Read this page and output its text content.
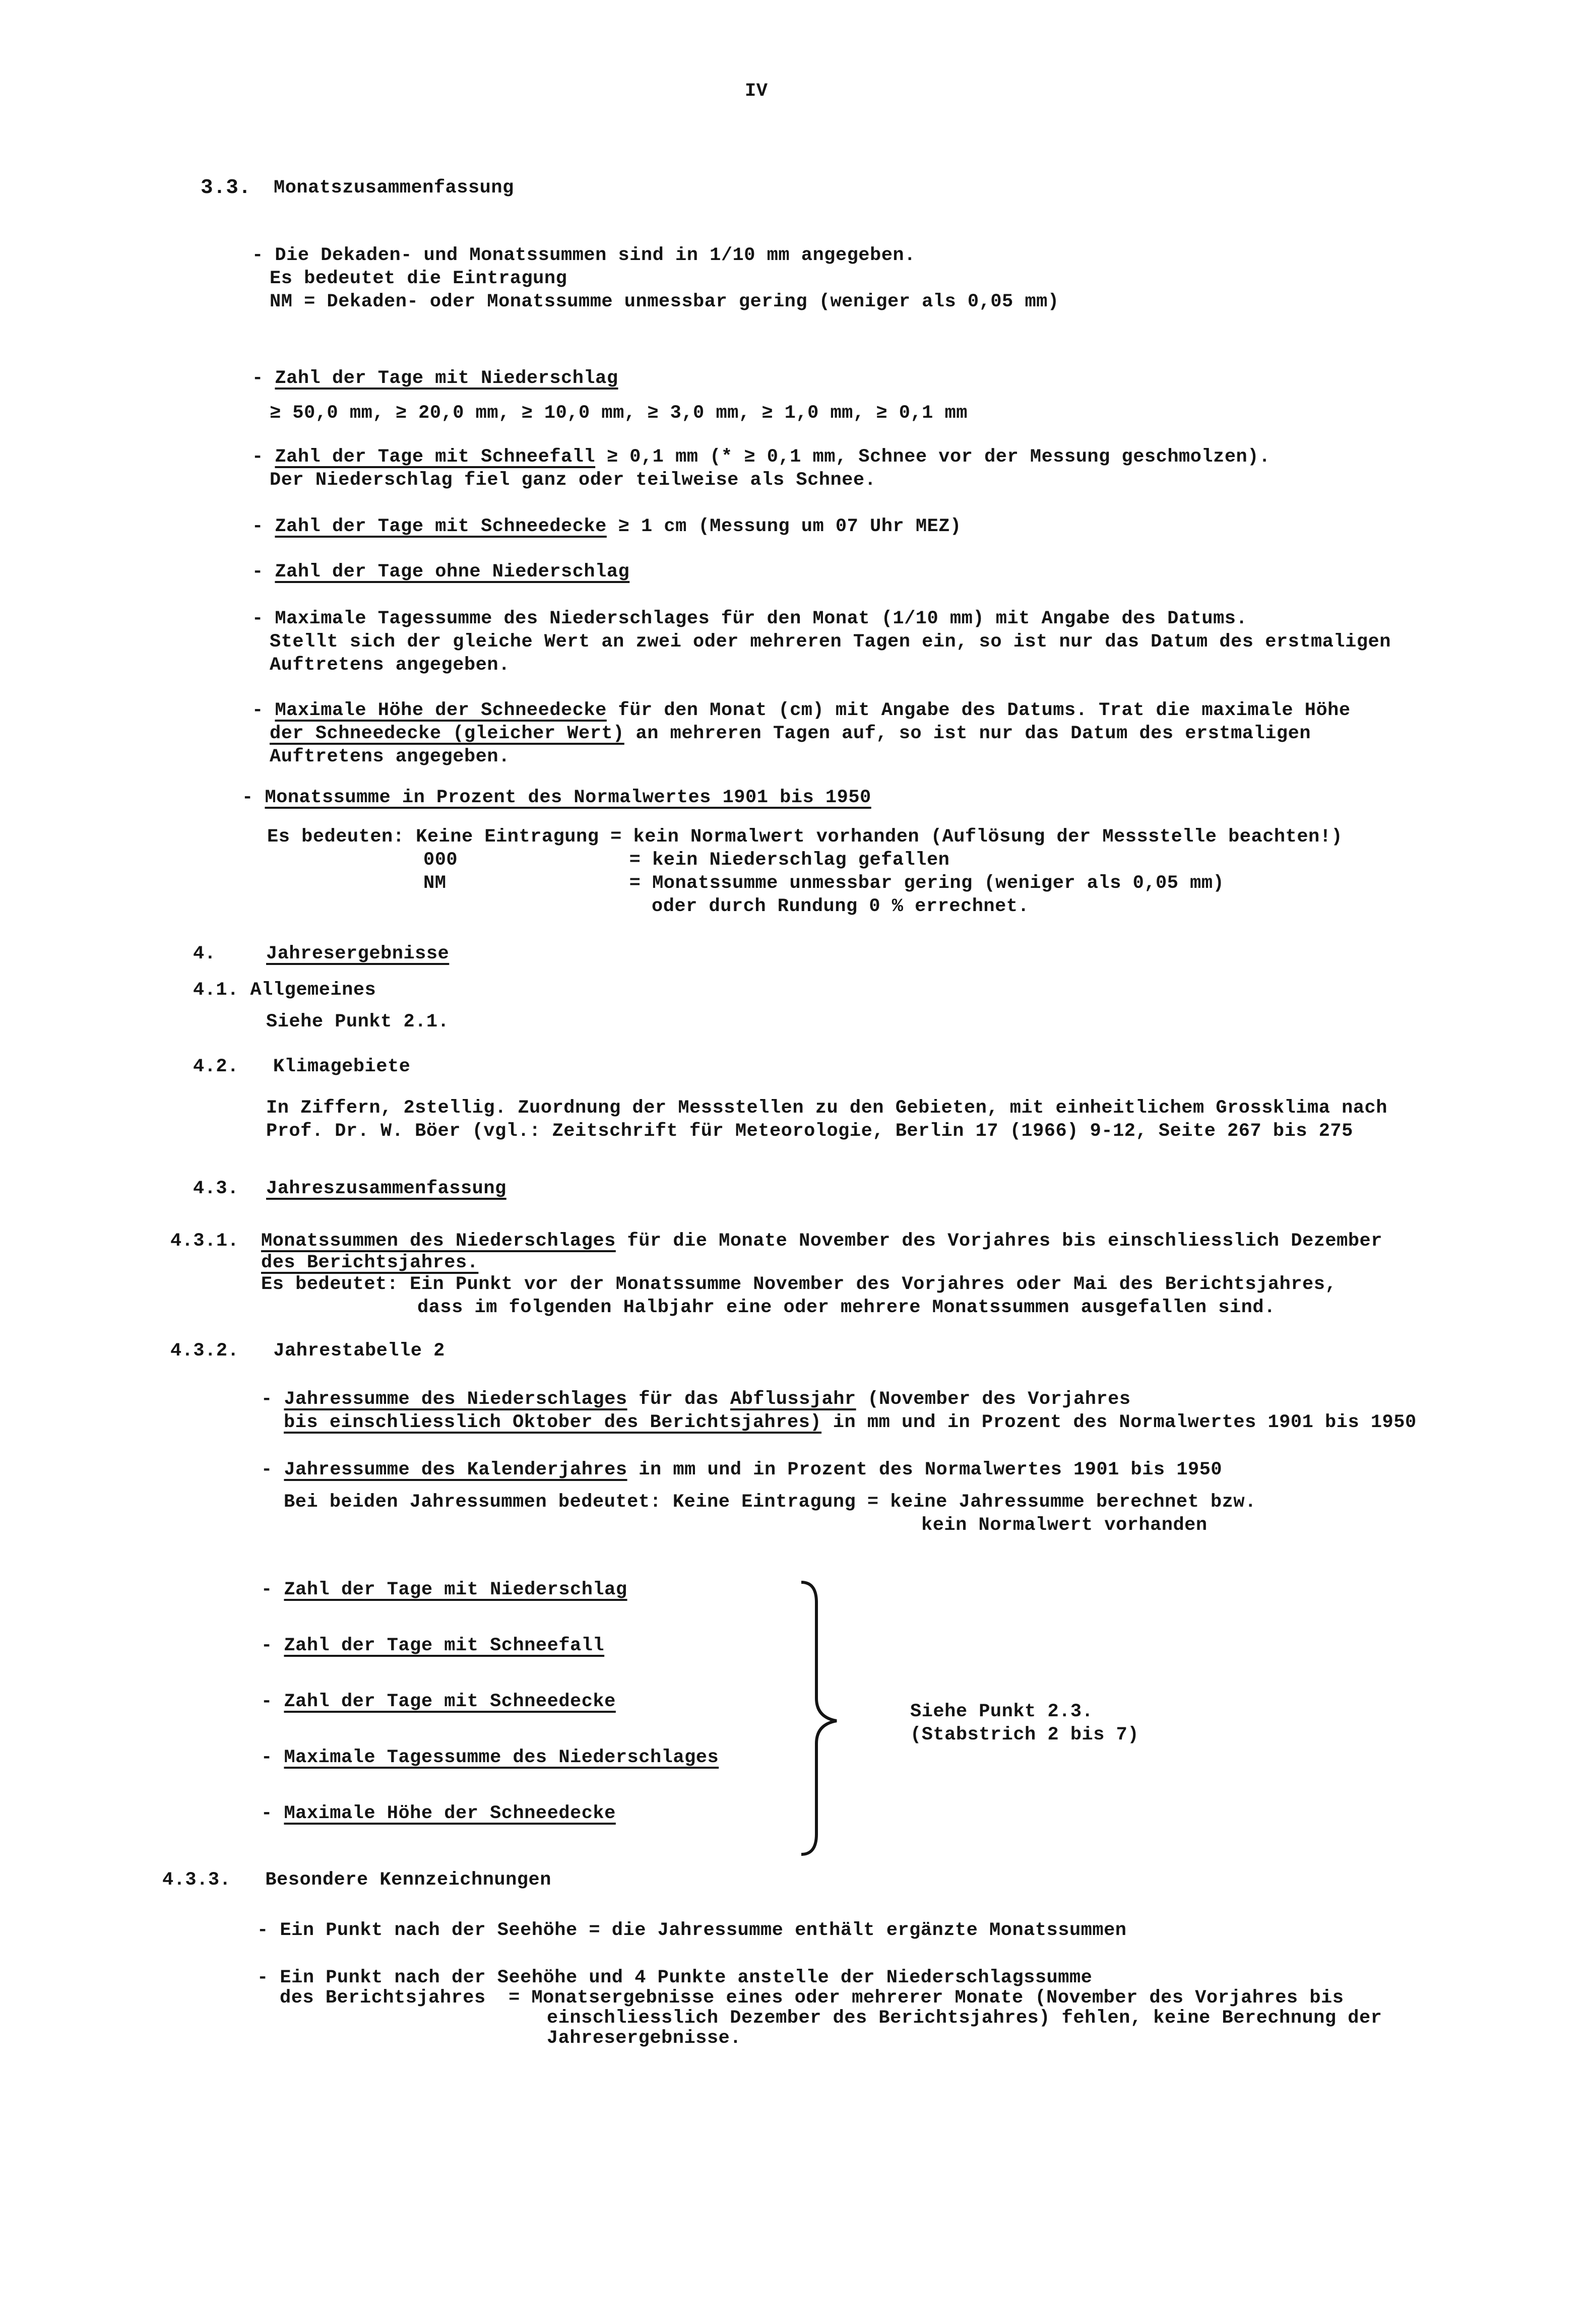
IV
3.3. Monatszusammenfassung
- Die Dekaden- und Monatssummen sind in 1/10 mm angegeben.
Es bedeutet die Eintragung
NM = Dekaden- oder Monatssumme unmessbar gering (weniger als 0,05 mm)
- Zahl der Tage mit Niederschlag
≥ 50,0 mm, ≥ 20,0 mm, ≥ 10,0 mm, ≥ 3,0 mm, ≥ 1,0 mm, ≥ 0,1 mm
- Zahl der Tage mit Schneefall ≥ 0,1 mm (* ≥ 0,1 mm, Schnee vor der Messung geschmolzen).
Der Niederschlag fiel ganz oder teilweise als Schnee.
- Zahl der Tage mit Schneedecke ≥ 1 cm (Messung um 07 Uhr MEZ)
- Zahl der Tage ohne Niederschlag
- Maximale Tagessumme des Niederschlages für den Monat (1/10 mm) mit Angabe des Datums.
Stellt sich der gleiche Wert an zwei oder mehreren Tagen ein, so ist nur das Datum des erstmaligen
Auftretens angegeben.
- Maximale Höhe der Schneedecke für den Monat (cm) mit Angabe des Datums. Trat die maximale Höhe
der Schneedecke (gleicher Wert) an mehreren Tagen auf, so ist nur das Datum des erstmaligen
Auftretens angegeben.
- Monatssumme in Prozent des Normalwertes 1901 bis 1950
Es bedeuten: Keine Eintragung = kein Normalwert vorhanden (Auflösung der Messstelle beachten!)
000               = kein Niederschlag gefallen
NM                = Monatssumme unmessbar gering (weniger als 0,05 mm)
oder durch Rundung 0 % errechnet.
4.	Jahresergebnisse
4.1. Allgemeines
Siehe Punkt 2.1.
4.2.   Klimagebiete
In Ziffern, 2stellig. Zuordnung der Messstellen zu den Gebieten, mit einheitlichem Grossklima nach
Prof. Dr. W. Böer (vgl.: Zeitschrift für Meteorologie, Berlin 17 (1966) 9-12, Seite 267 bis 275
4.3. Jahreszusammenfassung
4.3.1. Monatssummen des Niederschlages für die Monate November des Vorjahres bis einschliesslich Dezember
des Berichtsjahres.
Es bedeutet: Ein Punkt vor der Monatssumme November des Vorjahres oder Mai des Berichtsjahres,
dass im folgenden Halbjahr eine oder mehrere Monatssummen ausgefallen sind.
4.3.2.   Jahrestabelle 2
- Jahressumme des Niederschlages für das Abflussjahr (November des Vorjahres
bis einschliesslich Oktober des Berichtsjahres) in mm und in Prozent des Normalwertes 1901 bis 1950
- Jahressumme des Kalenderjahres in mm und in Prozent des Normalwertes 1901 bis 1950
Bei beiden Jahressummen bedeutet: Keine Eintragung = keine Jahressumme berechnet bzw.
kein Normalwert vorhanden
- Zahl der Tage mit Niederschlag
- Zahl der Tage mit Schneefall
- Zahl der Tage mit Schneedecke
- Maximale Tagessumme des Niederschlages
- Maximale Höhe der Schneedecke
Siehe Punkt 2.3.
(Stabstrich 2 bis 7)
4.3.3.   Besondere Kennzeichnungen
- Ein Punkt nach der Seehöhe = die Jahressumme enthält ergänzte Monatssummen
- Ein Punkt nach der Seehöhe und 4 Punkte anstelle der Niederschlagssumme
des Berichtsjahres  = Monatsergebnisse eines oder mehrerer Monate (November des Vorjahres bis
einschliesslich Dezember des Berichtsjahres) fehlen, keine Berechnung der
Jahresergebnisse.
